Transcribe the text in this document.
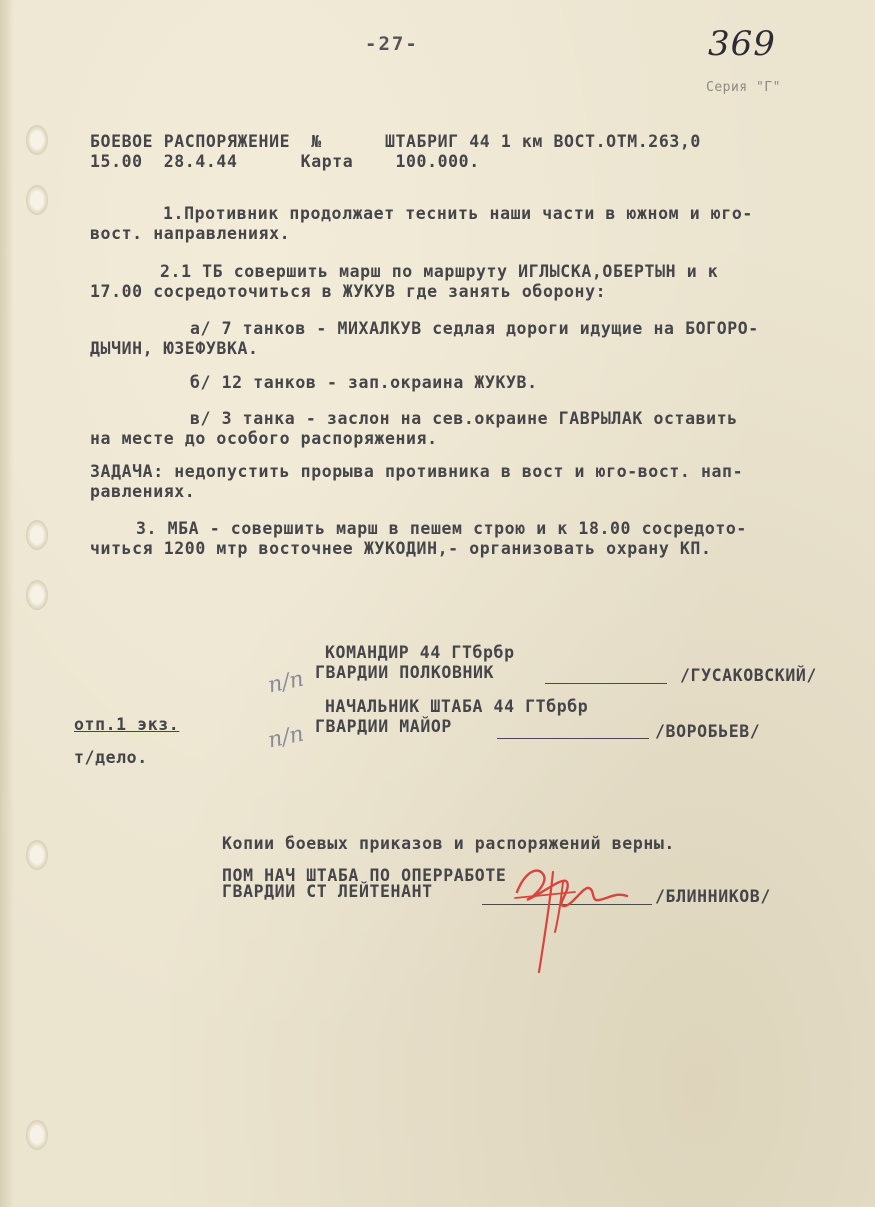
-27-	369
Серия "Г"
БОЕВОЕ РАСПОРЯЖЕНИЕ  №      ШТАБРИГ 44 1 км ВОСТ.ОТМ.263,0
15.00  28.4.44      Карта    100.000.
1.Противник продолжает теснить наши части в южном и юго-
вост. направлениях.
2.1 ТБ совершить марш по маршруту ИГЛЫСКА,ОБЕРТЫН и к
17.00 сосредоточиться в ЖУКУВ где занять оборону:
а/ 7 танков - МИХАЛКУВ седлая дороги идущие на БОГОРО-
ДЫЧИН, ЮЗЕФУВКА.
б/ 12 танков - зап.окраина ЖУКУВ.
в/ 3 танка - заслон на сев.окраине ГАВРЫЛАК оставить
на месте до особого распоряжения.
ЗАДАЧА: недопустить прорыва противника в вост и юго-вост. нап-
равлениях.
3. МБА - совершить марш в пешем строю и к 18.00 сосредото-
читься 1200 мтр восточнее ЖУКОДИН,- организовать охрану КП.
п/п
КОМАНДИР 44 ГТбрбр
ГВАРДИИ ПОЛКОВНИК	/ГУСАКОВСКИЙ/
п/п
НАЧАЛЬНИК ШТАБА 44 ГТбрбр
ГВАРДИИ МАЙОР	/ВОРОБЬЕВ/
отп.1 экз.
т/дело.
Копии боевых приказов и распоряжений верны.
ПОМ НАЧ ШТАБА ПО ОПЕРРАБОТЕ
ГВАРДИИ СТ ЛЕЙТЕНАНТ	/БЛИННИКОВ/
